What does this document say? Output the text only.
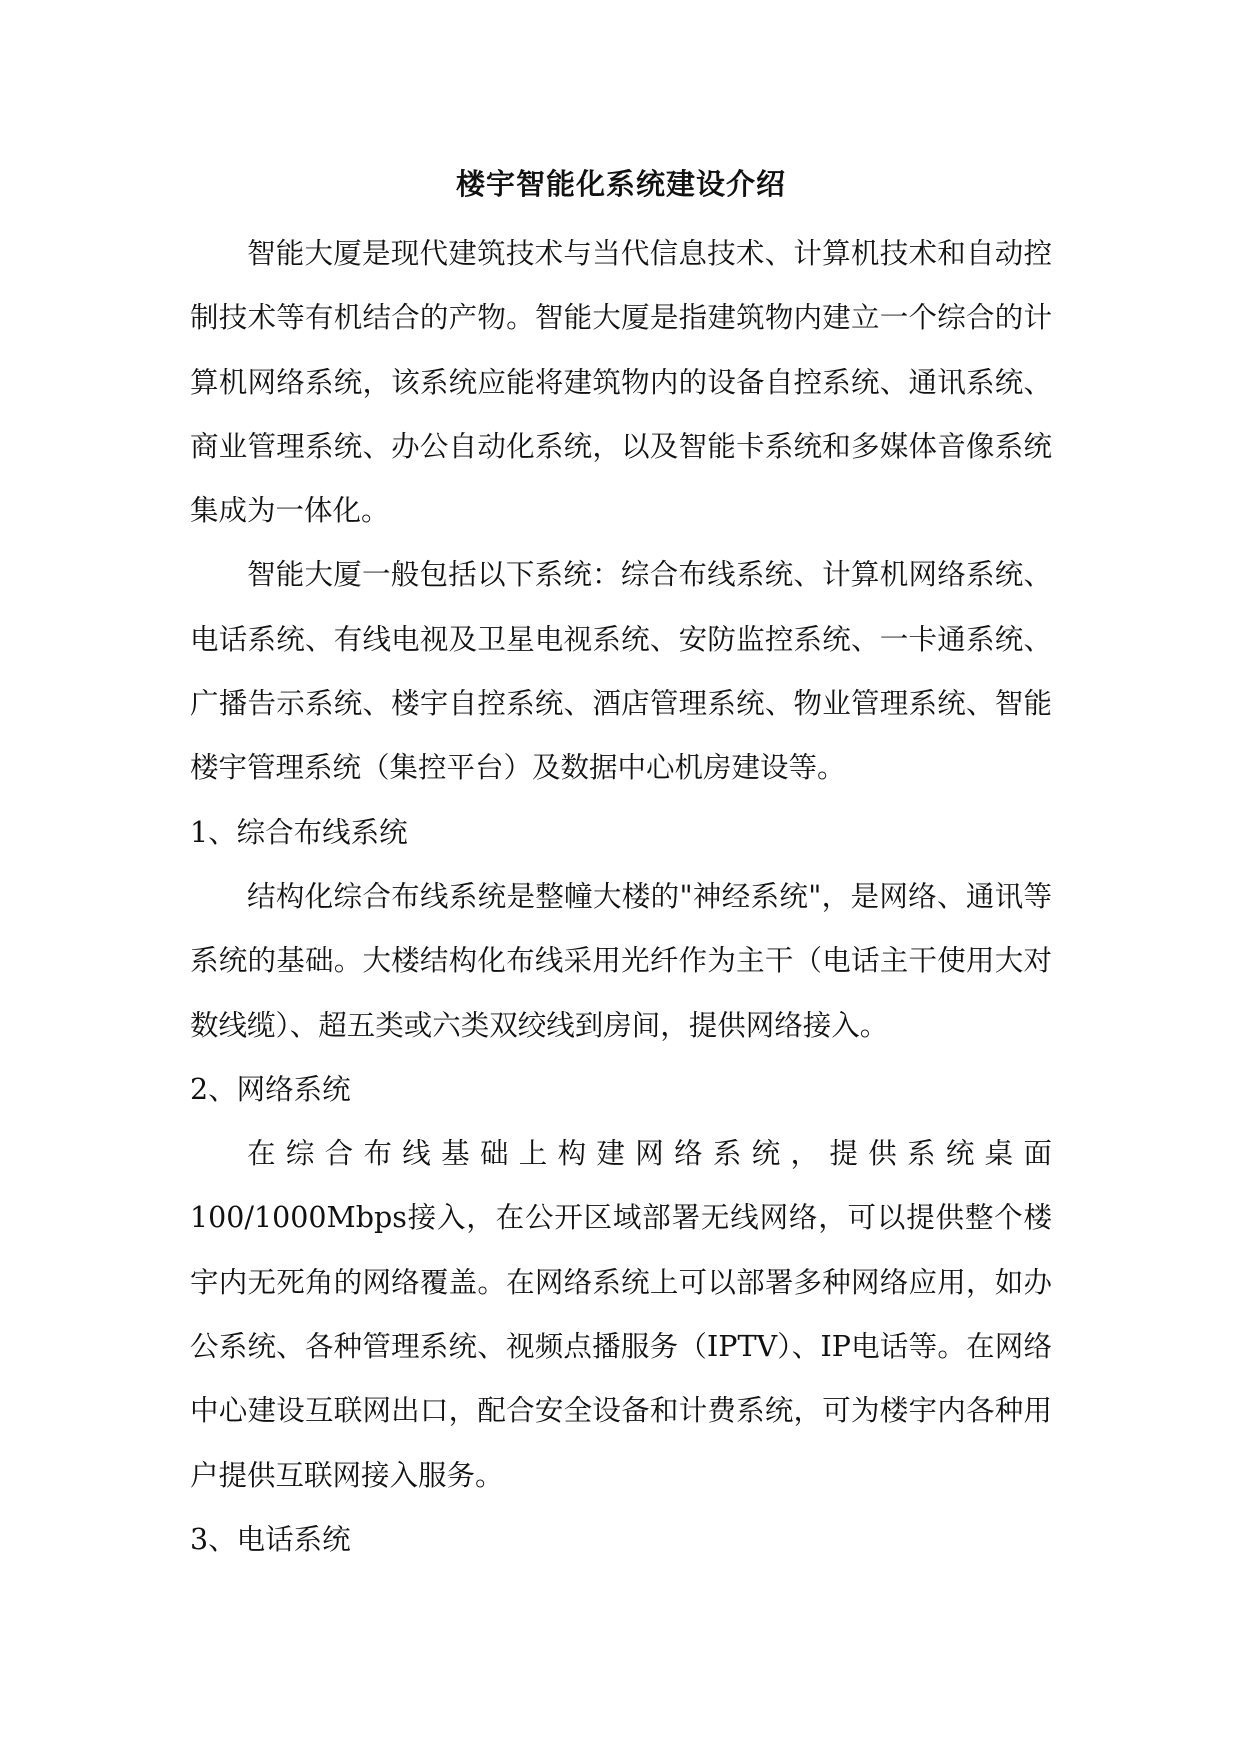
楼宇智能化系统建设介绍

智能大厦是现代建筑技术与当代信息技术、计算机技术和自动控制技术等有机结合的产物。智能大厦是指建筑物内建立一个综合的计算机网络系统，该系统应能将建筑物内的设备自控系统、通讯系统、商业管理系统、办公自动化系统，以及智能卡系统和多媒体音像系统集成为一体化。

智能大厦一般包括以下系统：综合布线系统、计算机网络系统、电话系统、有线电视及卫星电视系统、安防监控系统、一卡通系统、广播告示系统、楼宇自控系统、酒店管理系统、物业管理系统、智能楼宇管理系统（集控平台）及数据中心机房建设等。

1、综合布线系统

结构化综合布线系统是整幢大楼的"神经系统"，是网络、通讯等系统的基础。大楼结构化布线采用光纤作为主干（电话主干使用大对数线缆）、超五类或六类双绞线到房间，提供网络接入。

2、网络系统

在综合布线基础上构建网络系统，提供系统桌面100/1000Mbps接入，在公开区域部署无线网络，可以提供整个楼宇内无死角的网络覆盖。在网络系统上可以部署多种网络应用，如办公系统、各种管理系统、视频点播服务（IPTV）、IP电话等。在网络中心建设互联网出口，配合安全设备和计费系统，可为楼宇内各种用户提供互联网接入服务。

3、电话系统
